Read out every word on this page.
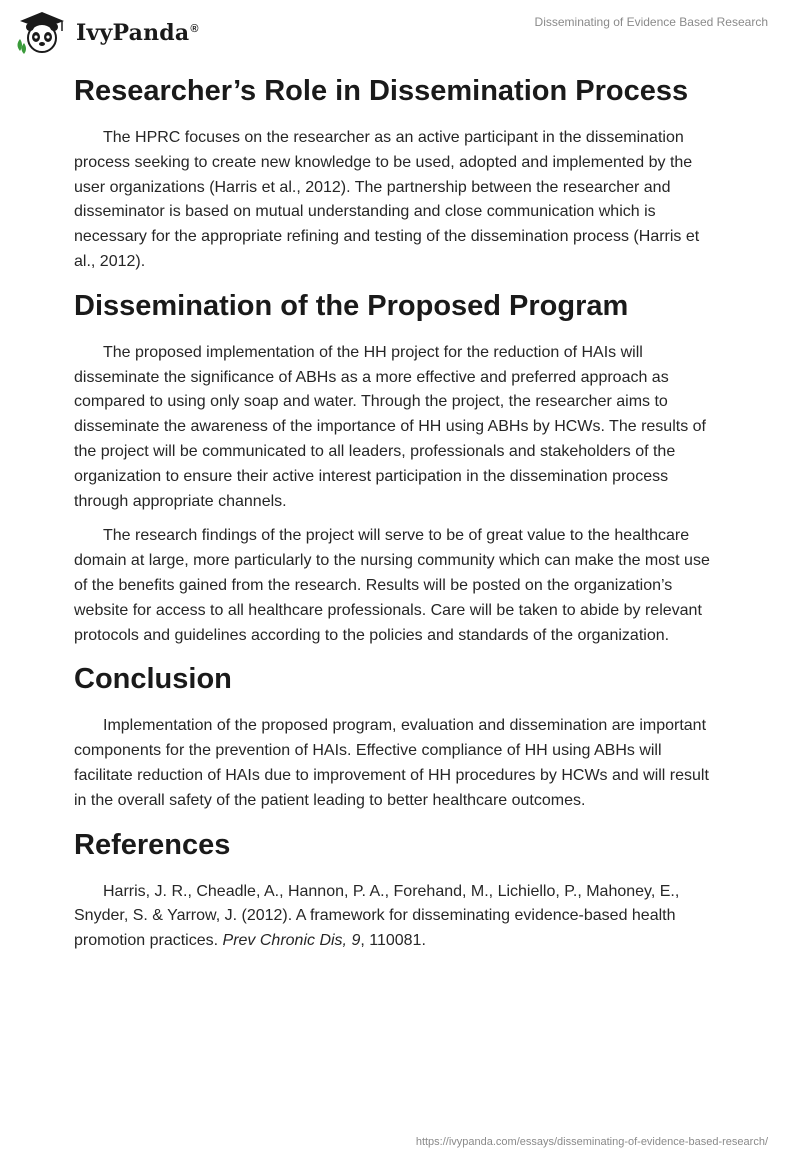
IvyPanda®	Disseminating of Evidence Based Research
Researcher’s Role in Dissemination Process

The HPRC focuses on the researcher as an active participant in the dissemination process seeking to create new knowledge to be used, adopted and implemented by the user organizations (Harris et al., 2012). The partnership between the researcher and disseminator is based on mutual understanding and close communication which is necessary for the appropriate refining and testing of the dissemination process (Harris et al., 2012).

Dissemination of the Proposed Program

The proposed implementation of the HH project for the reduction of HAIs will disseminate the significance of ABHs as a more effective and preferred approach as compared to using only soap and water. Through the project, the researcher aims to disseminate the awareness of the importance of HH using ABHs by HCWs. The results of the project will be communicated to all leaders, professionals and stakeholders of the organization to ensure their active interest participation in the dissemination process through appropriate channels.

The research findings of the project will serve to be of great value to the healthcare domain at large, more particularly to the nursing community which can make the most use of the benefits gained from the research. Results will be posted on the organization’s website for access to all healthcare professionals. Care will be taken to abide by relevant protocols and guidelines according to the policies and standards of the organization.

Conclusion

Implementation of the proposed program, evaluation and dissemination are important components for the prevention of HAIs. Effective compliance of HH using ABHs will facilitate reduction of HAIs due to improvement of HH procedures by HCWs and will result in the overall safety of the patient leading to better healthcare outcomes.

References

Harris, J. R., Cheadle, A., Hannon, P. A., Forehand, M., Lichiello, P., Mahoney, E., Snyder, S. & Yarrow, J. (2012). A framework for disseminating evidence-based health promotion practices. Prev Chronic Dis, 9, 110081.

https://ivypanda.com/essays/disseminating-of-evidence-based-research/
